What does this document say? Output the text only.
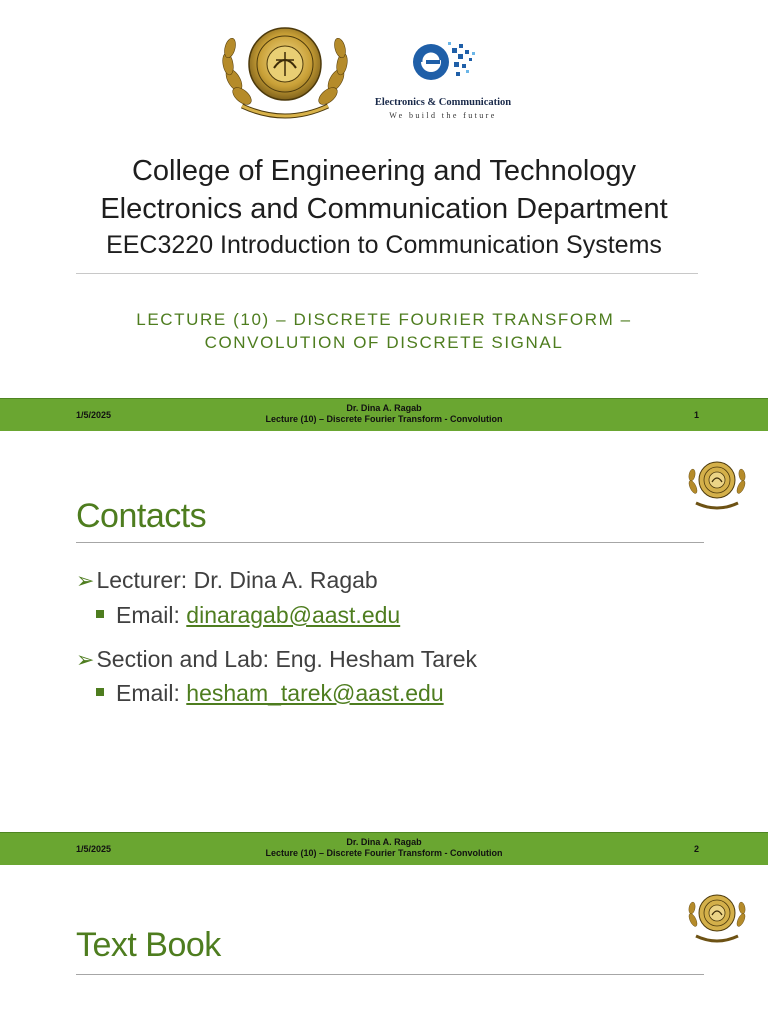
Electronics & Communication
We build the future
College of Engineering and Technology
Electronics and Communication Department
EEC3220 Introduction to Communication Systems
LECTURE (10) – DISCRETE FOURIER TRANSFORM –
CONVOLUTION OF DISCRETE SIGNAL
1/5/2025
Dr. Dina A. Ragab
Lecture (10) – Discrete Fourier Transform - Convolution	1
Contacts
➢Lecturer: Dr. Dina A. Ragab
Email: dinaragab@aast.edu
➢Section and Lab: Eng. Hesham Tarek
Email: hesham_tarek@aast.edu
1/5/2025
Dr. Dina A. Ragab
Lecture (10) – Discrete Fourier Transform - Convolution	2
Text Book
